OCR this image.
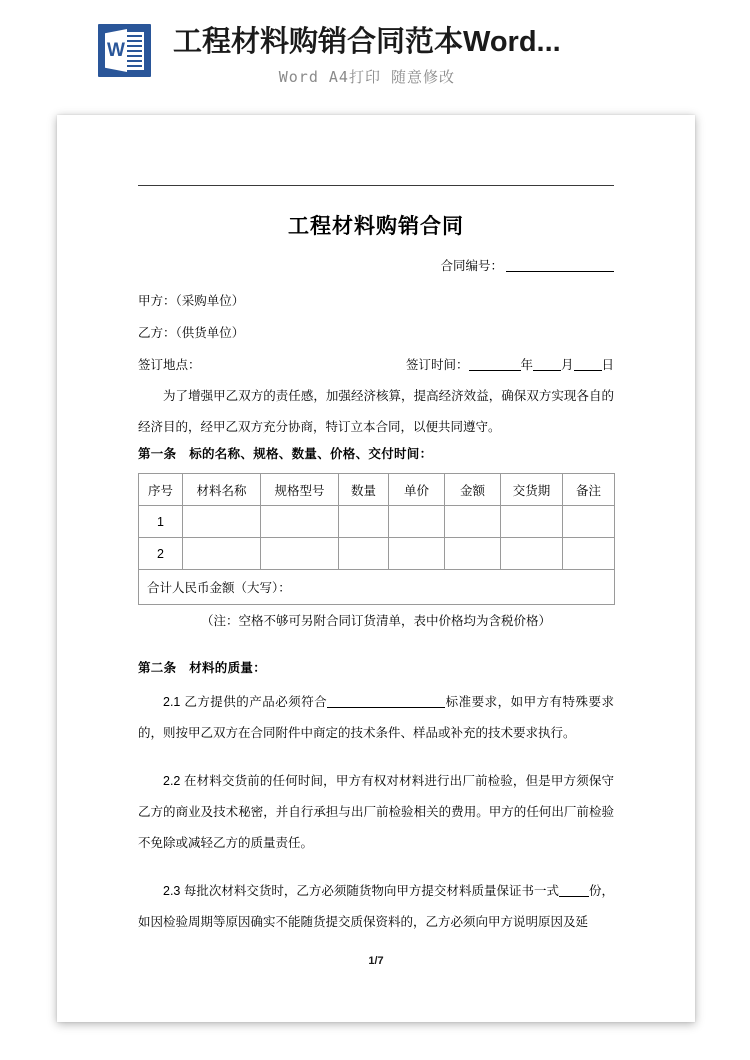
W 工程材料购销合同范本Word...
Word A4打印 随意修改
工程材料购销合同
合同编号：
甲方：（采购单位）
乙方：（供货单位）
签订地点：	签订时间：	年 月 日
为了增强甲乙双方的责任感，加强经济核算，提高经济效益，确保双方实现各自的经济目的，经甲乙双方充分协商，特订立本合同，以便共同遵守。
第一条　标的名称、规格、数量、价格、交付时间：
序号	材料名称	规格型号	数量	单价	金额	交货期	备注
1							
2							
合计人民币金额（大写）：							
（注：空格不够可另附合同订货清单，表中价格均为含税价格）
第二条　材料的质量：
2.1 乙方提供的产品必须符合	标准要求，如甲方有特殊要求的，则按甲乙双方在合同附件中商定的技术条件、样品或补充的技术要求执行。
2.2 在材料交货前的任何时间，甲方有权对材料进行出厂前检验，但是甲方须保守乙方的商业及技术秘密，并自行承担与出厂前检验相关的费用。甲方的任何出厂前检验不免除或减轻乙方的质量责任。
2.3 每批次材料交货时，乙方必须随货物向甲方提交材料质量保证书一式 份，如因检验周期等原因确实不能随货提交质保资料的，乙方必须向甲方说明原因及延
1/7
